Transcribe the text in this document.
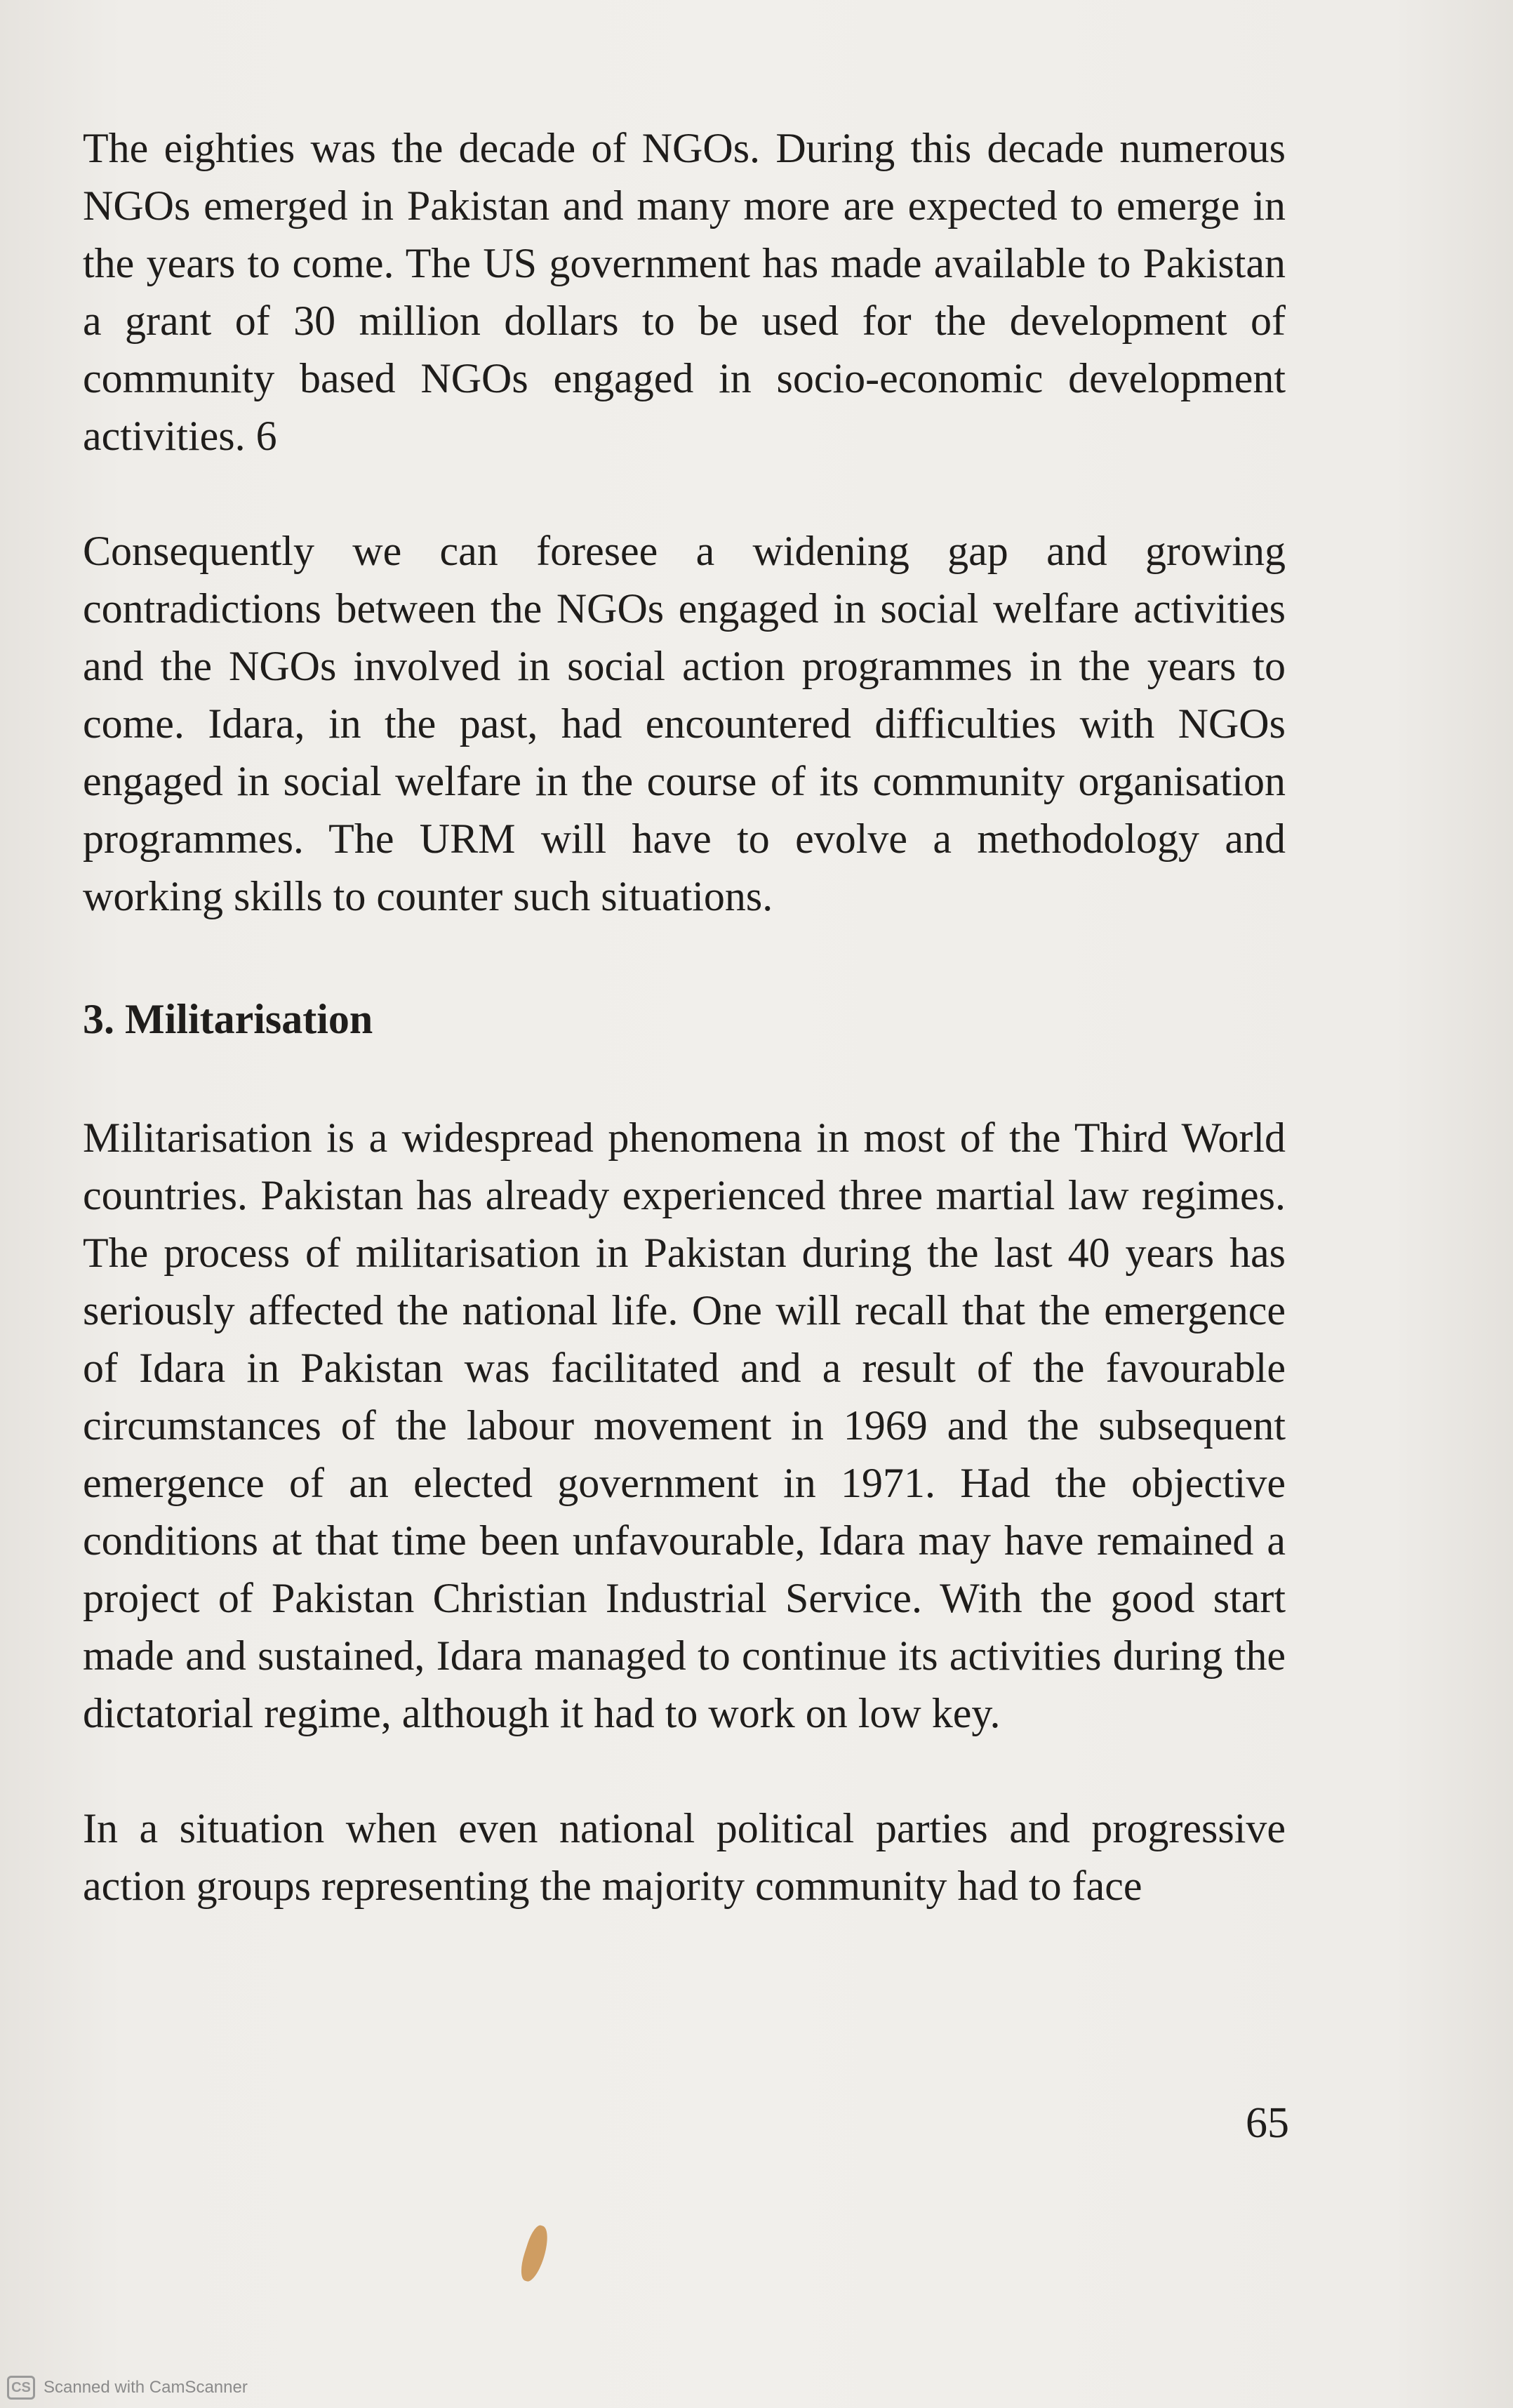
The eighties was the decade of NGOs. During this decade numerous NGOs emerged in Pakistan and many more are expected to emerge in the years to come. The US government has made available to Pakistan a grant of 30 million dollars to be used for the development of community based NGOs engaged in socio-economic development activities. 6

Consequently we can foresee a widening gap and growing contradictions between the NGOs engaged in social welfare activities and the NGOs involved in social action programmes in the years to come. Idara, in the past, had encountered difficulties with NGOs engaged in social welfare in the course of its community organisation programmes. The URM will have to evolve a methodology and working skills to counter such situations.

3. Militarisation

Militarisation is a widespread phenomena in most of the Third World countries. Pakistan has already experienced three martial law regimes. The process of militarisation in Pakistan during the last 40 years has seriously affected the national life. One will recall that the emergence of Idara in Pakistan was facilitated and a result of the favourable circumstances of the labour movement in 1969 and the subsequent emergence of an elected government in 1971. Had the objective conditions at that time been unfavourable, Idara may have remained a project of Pakistan Christian Industrial Service. With the good start made and sustained, Idara managed to continue its activities during the dictatorial regime, although it had to work on low key.

In a situation when even national political parties and progressive action groups representing the majority community had to face

65

CS Scanned with CamScanner
